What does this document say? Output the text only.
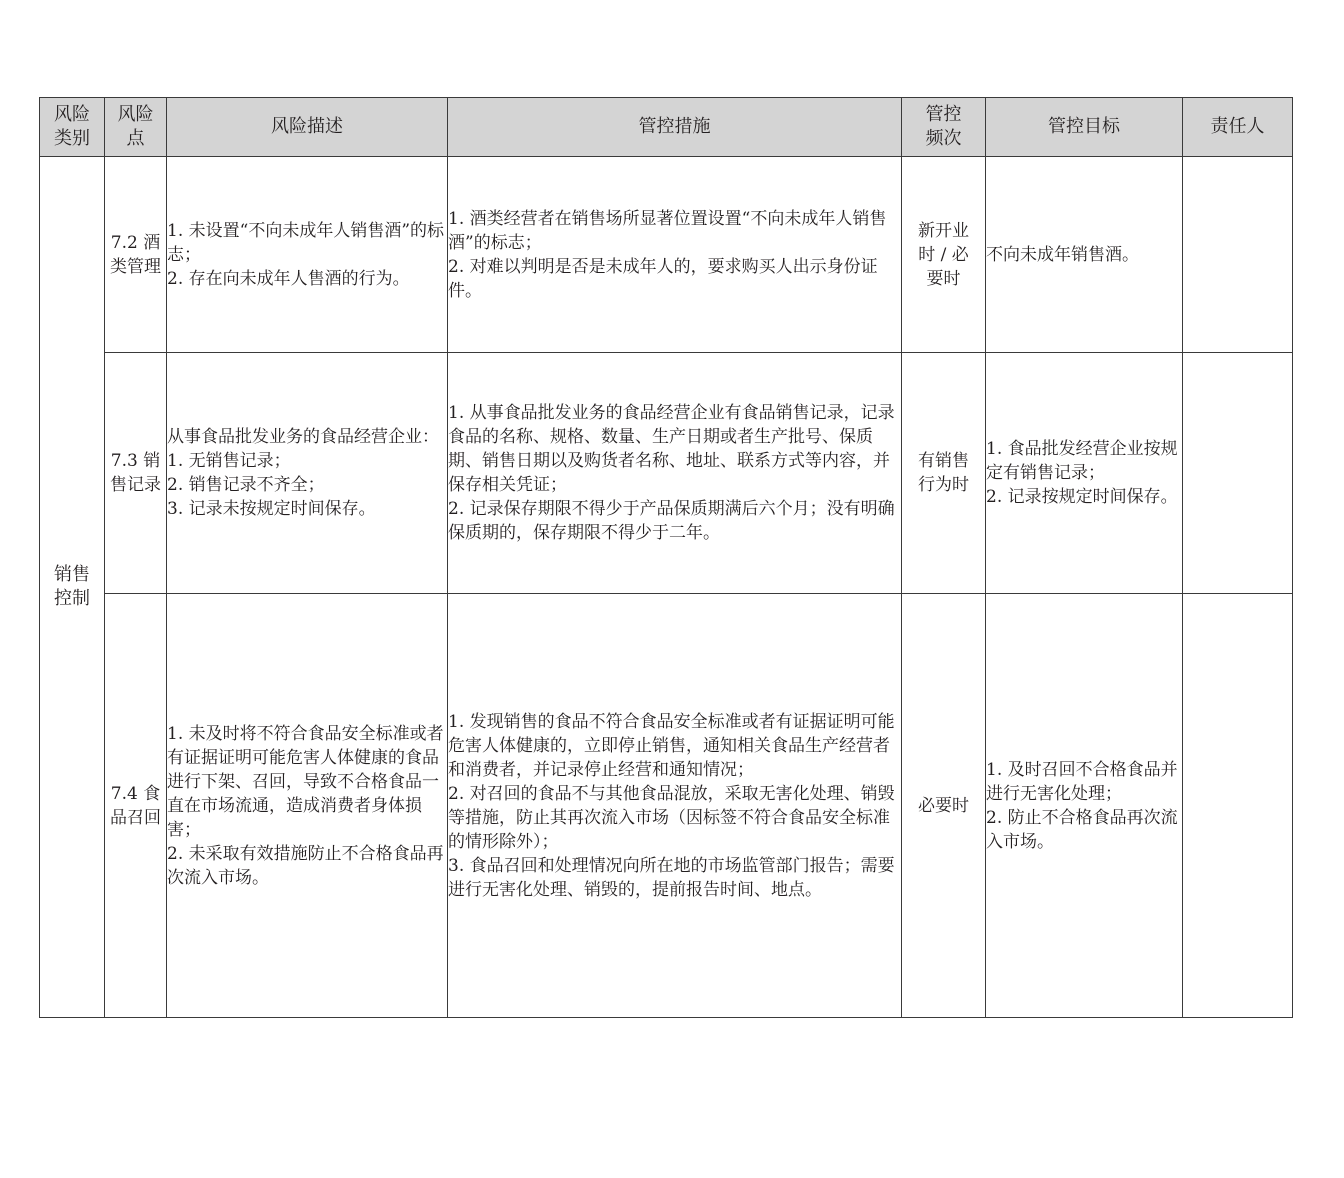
风险类别	风险点	风险描述	管控措施	管控频次	管控目标	责任人

销售控制	7.2 酒类管理	1. 未设置“不向未成年人销售酒”的标志；
2. 存在向未成年人售酒的行为。	1. 酒类经营者在销售场所显著位置设置“不向未成年人销售酒”的标志；
2. 对难以判明是否是未成年人的，要求购买人出示身份证件。	新开业时 / 必要时	不向未成年销售酒。	

	7.3 销售记录	从事食品批发业务的食品经营企业：
1. 无销售记录；
2. 销售记录不齐全；
3. 记录未按规定时间保存。	1. 从事食品批发业务的食品经营企业有食品销售记录，记录食品的名称、规格、数量、生产日期或者生产批号、保质期、销售日期以及购货者名称、地址、联系方式等内容，并保存相关凭证；
2. 记录保存期限不得少于产品保质期满后六个月；没有明确保质期的，保存期限不得少于二年。	有销售行为时	1. 食品批发经营企业按规定有销售记录；
2. 记录按规定时间保存。	

	7.4 食品召回	1. 未及时将不符合食品安全标准或者有证据证明可能危害人体健康的食品进行下架、召回，导致不合格食品一直在市场流通，造成消费者身体损害；
2. 未采取有效措施防止不合格食品再次流入市场。	1. 发现销售的食品不符合食品安全标准或者有证据证明可能危害人体健康的，立即停止销售，通知相关食品生产经营者和消费者，并记录停止经营和通知情况；
2. 对召回的食品不与其他食品混放，采取无害化处理、销毁等措施，防止其再次流入市场（因标签不符合食品安全标准的情形除外）；
3. 食品召回和处理情况向所在地的市场监管部门报告；需要进行无害化处理、销毁的，提前报告时间、地点。	必要时	1. 及时召回不合格食品并进行无害化处理；
2. 防止不合格食品再次流入市场。	
